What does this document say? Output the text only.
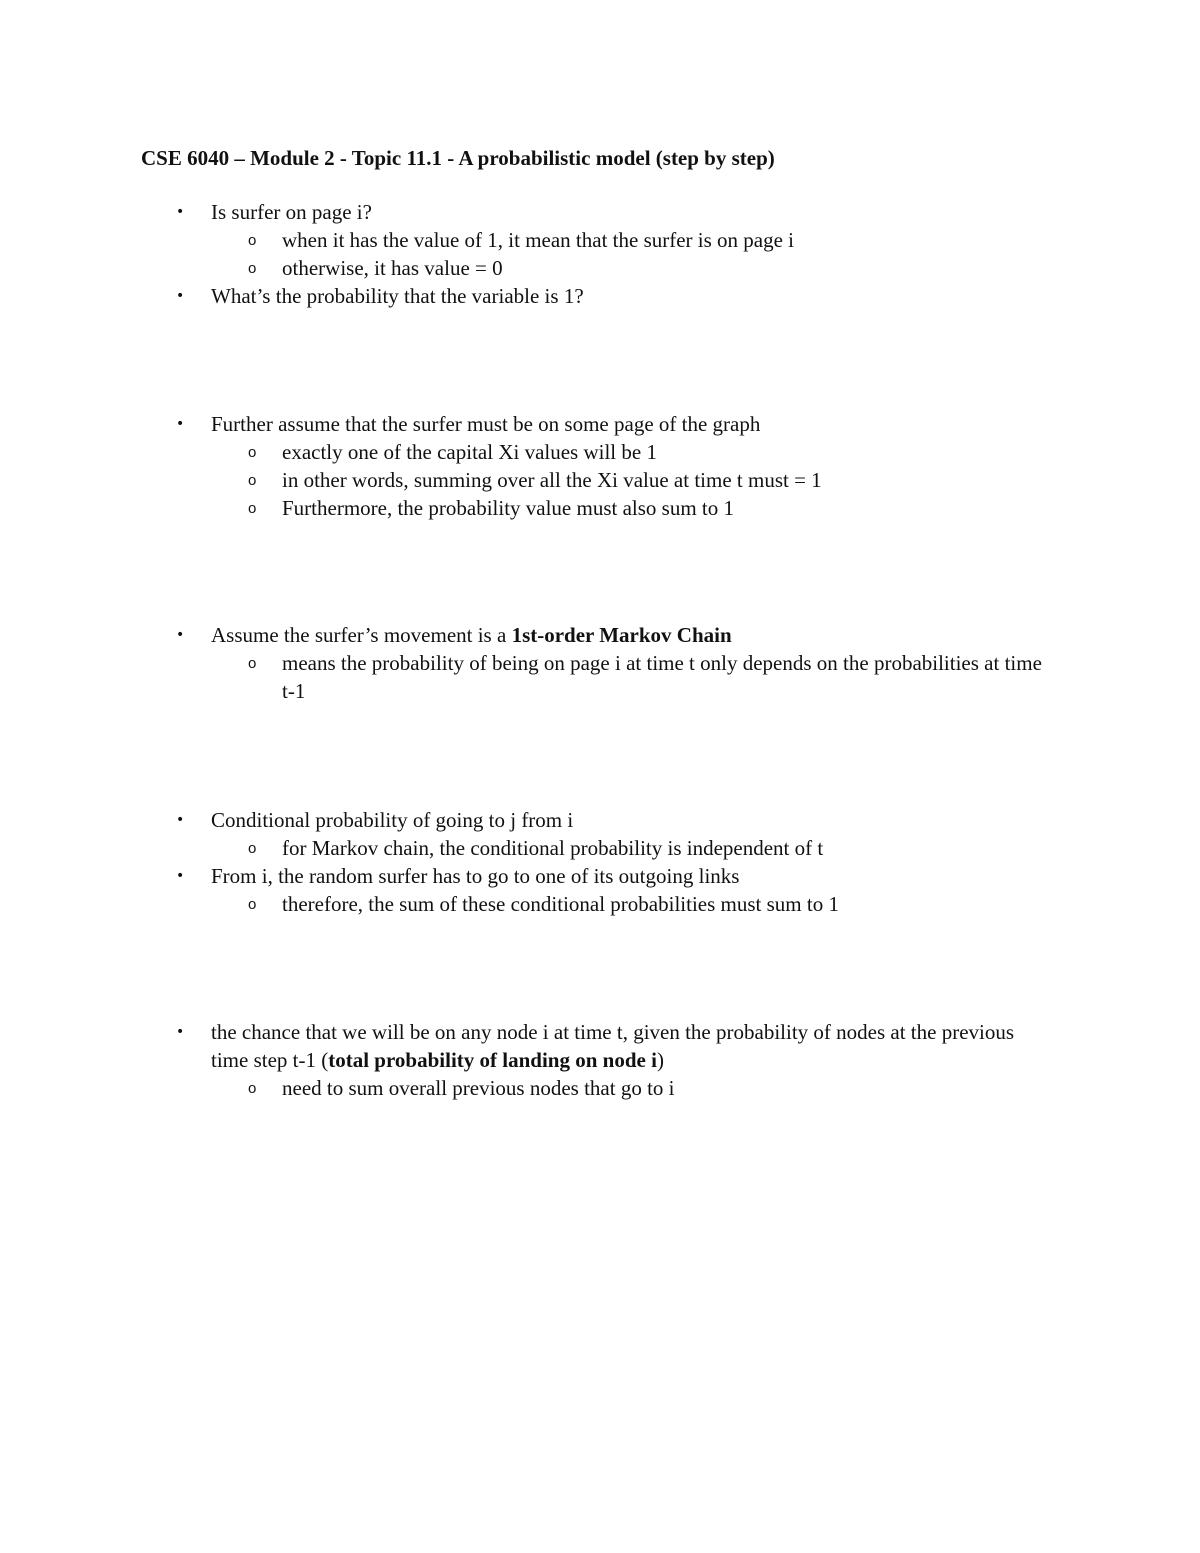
CSE 6040 – Module 2 - Topic 11.1 - A probabilistic model (step by step)
•	Is surfer on page i?
o when it has the value of 1, it mean that the surfer is on page i
o otherwise, it has value = 0
•	What’s the probability that the variable is 1?
•	Further assume that the surfer must be on some page of the graph
o exactly one of the capital Xi values will be 1
o in other words, summing over all the Xi value at time t must = 1
o Furthermore, the probability value must also sum to 1
•	Assume the surfer’s movement is a 1st-order Markov Chain
o means the probability of being on page i at time t only depends on the probabilities at time t-1
•	Conditional probability of going to j from i
o for Markov chain, the conditional probability is independent of t
•	From i, the random surfer has to go to one of its outgoing links
o therefore, the sum of these conditional probabilities must sum to 1
•	the chance that we will be on any node i at time t, given the probability of nodes at the previous time step t-1 (total probability of landing on node i)
o need to sum overall previous nodes that go to i
